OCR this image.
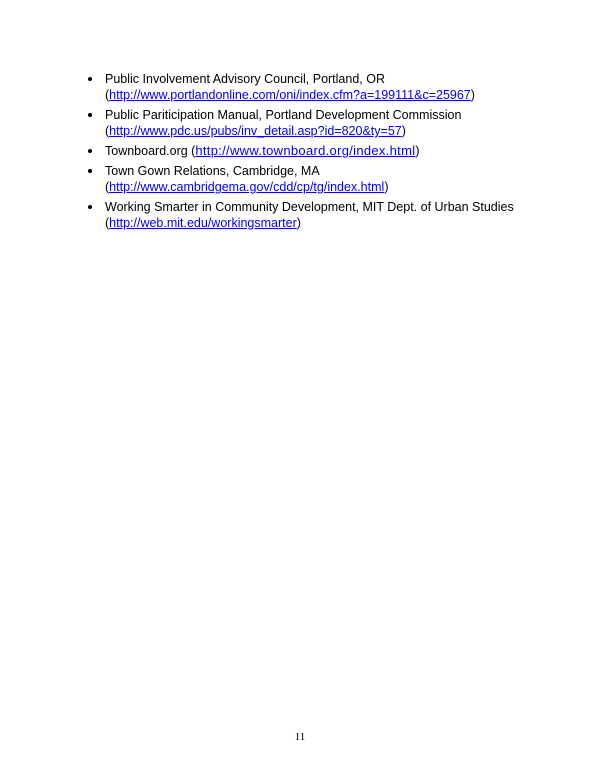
Public Involvement Advisory Council, Portland, OR
(http://www.portlandonline.com/oni/index.cfm?a=199111&c=25967)
Public Pariticipation Manual, Portland Development Commission
(http://www.pdc.us/pubs/inv_detail.asp?id=820&ty=57)
Townboard.org (http://www.townboard.org/index.html)
Town Gown Relations, Cambridge, MA
(http://www.cambridgema.gov/cdd/cp/tg/index.html)
Working Smarter in Community Development, MIT Dept. of Urban Studies
(http://web.mit.edu/workingsmarter)
11
